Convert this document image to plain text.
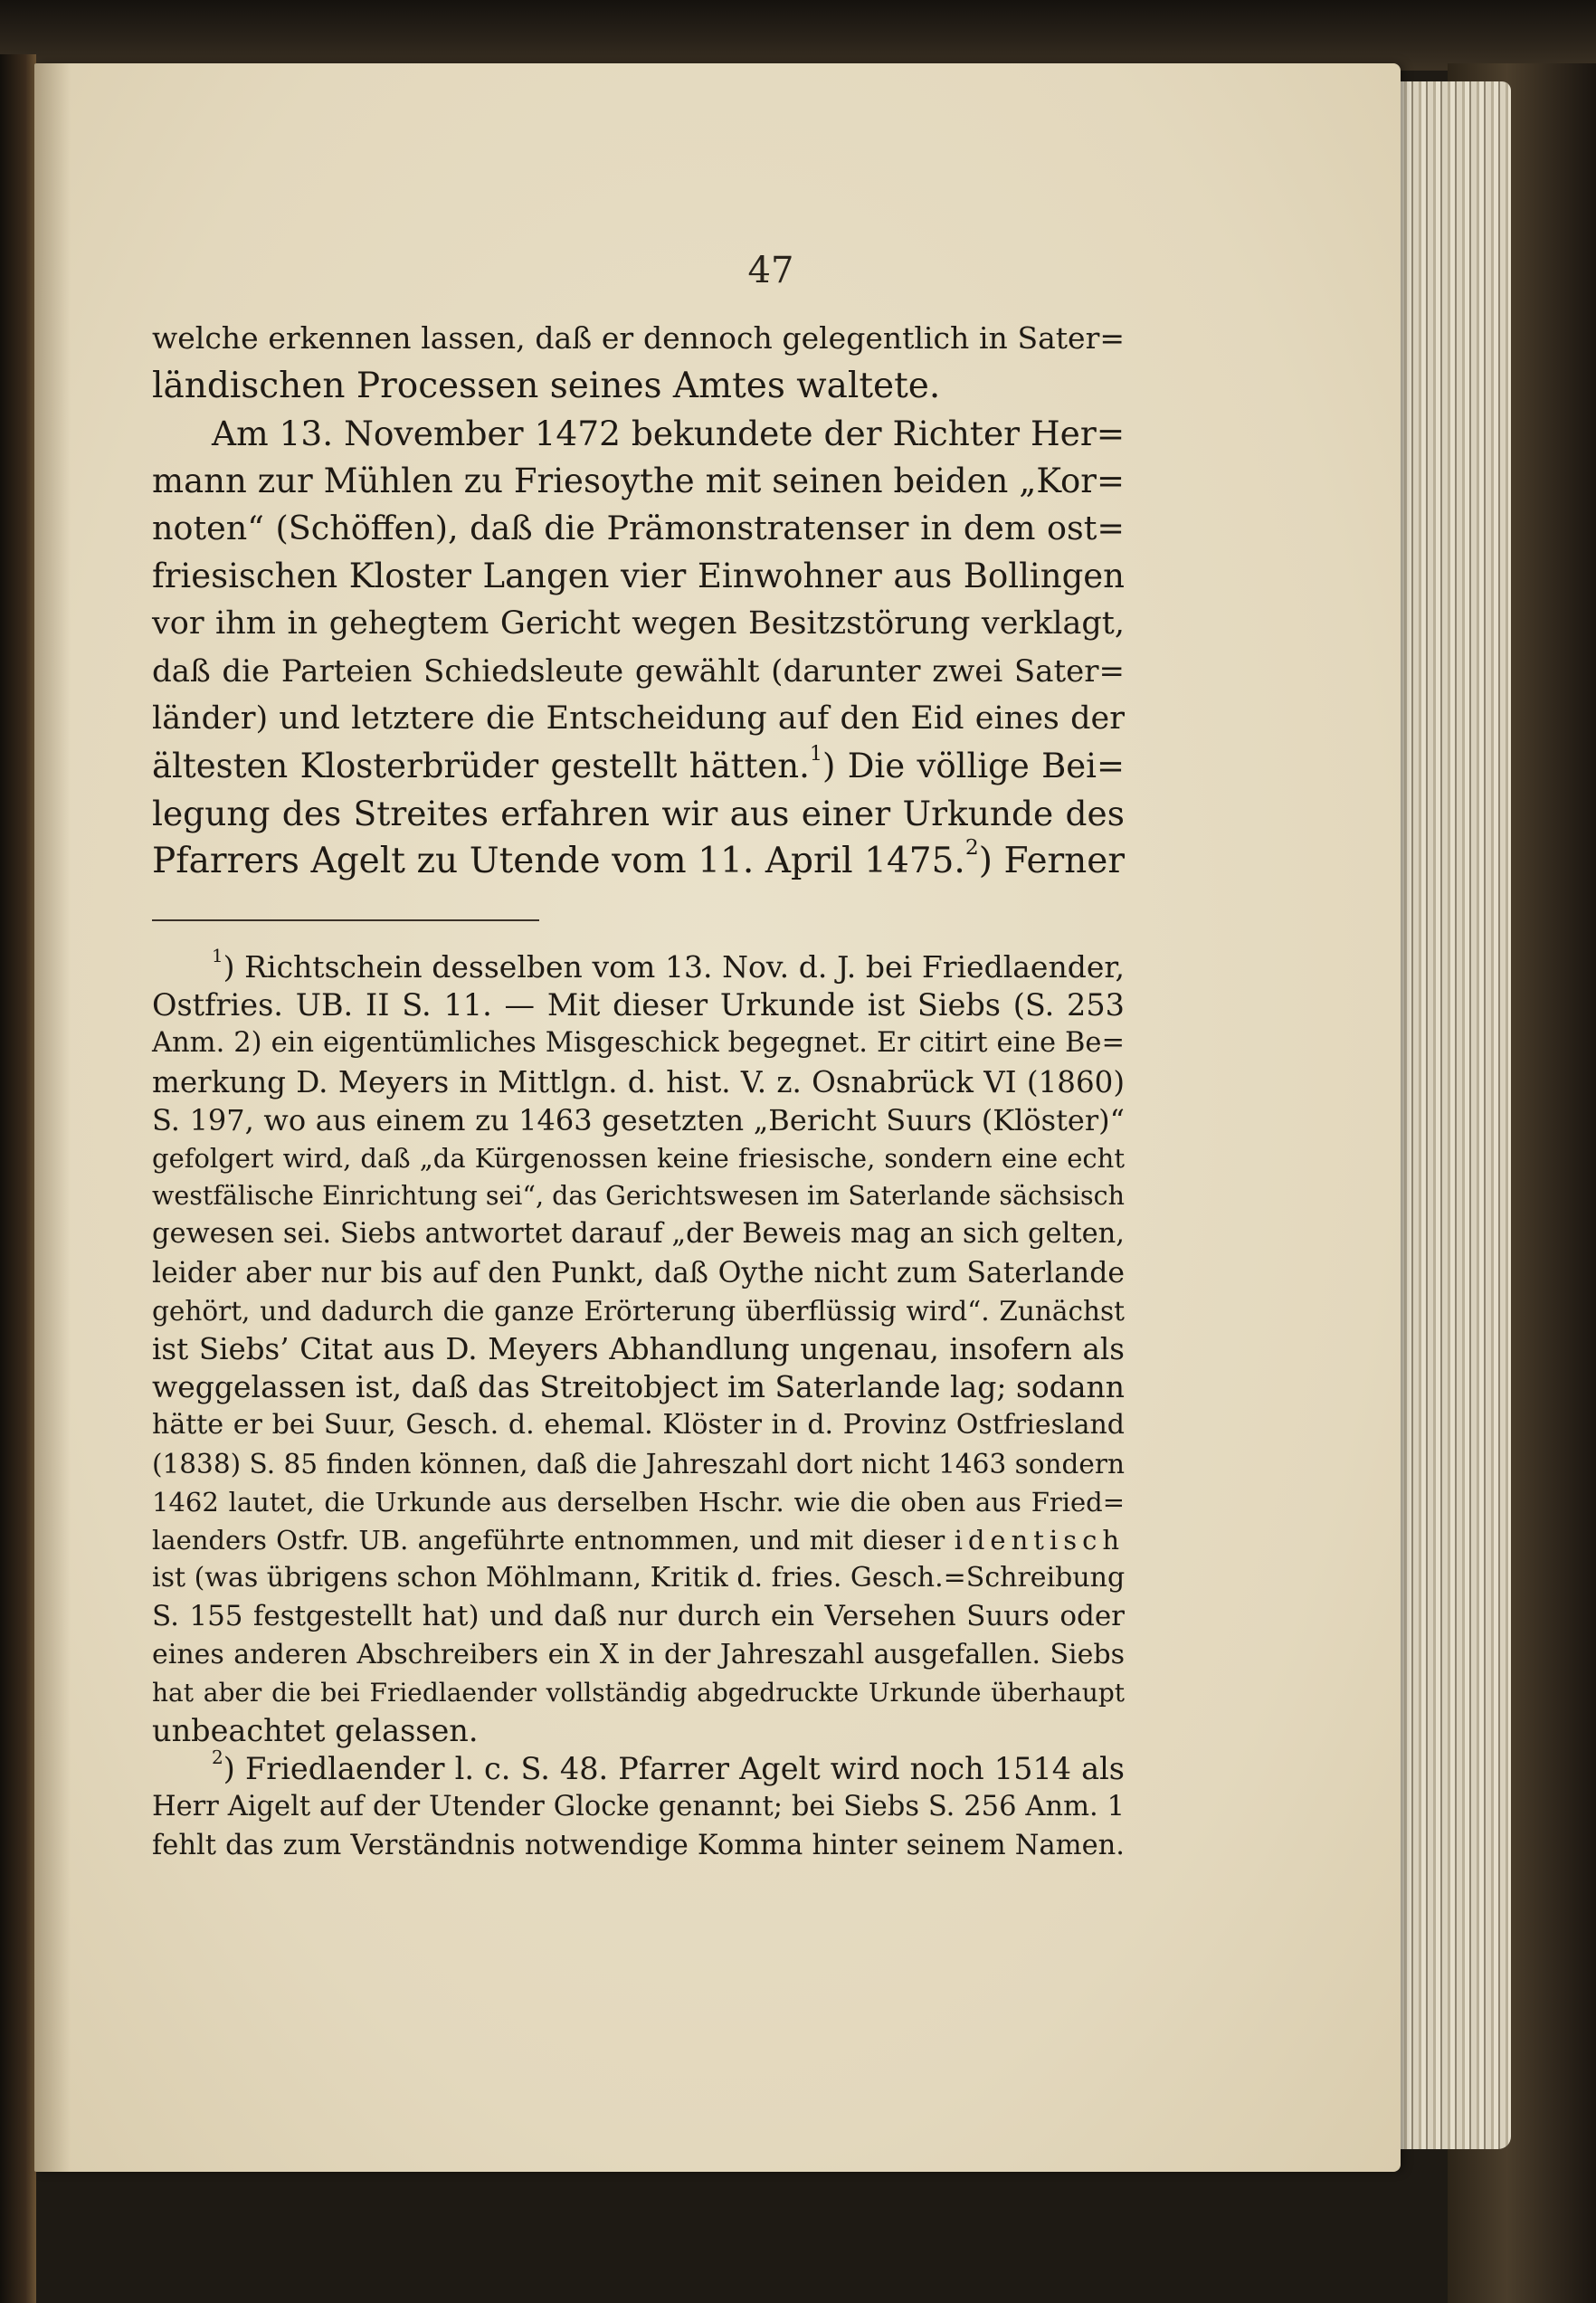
47
welche erkennen lassen, daß er dennoch gelegentlich in Sater=
ländischen Processen seines Amtes waltete.
Am 13. November 1472 bekundete der Richter Her=
mann zur Mühlen zu Friesoythe mit seinen beiden „Kor=
noten“ (Schöffen), daß die Prämonstratenser in dem ost=
friesischen Kloster Langen vier Einwohner aus Bollingen
vor ihm in gehegtem Gericht wegen Besitzstörung verklagt,
daß die Parteien Schiedsleute gewählt (darunter zwei Sater=
länder) und letztere die Entscheidung auf den Eid eines der
ältesten Klosterbrüder gestellt hätten.$^1$) Die völlige Bei=
legung des Streites erfahren wir aus einer Urkunde des
Pfarrers Agelt zu Utende vom 11. April 1475.$^2$) Ferner
$^1$) Richtschein desselben vom 13. Nov. d. J. bei Friedlaender,
Ostfries. UB. II S. 11. — Mit dieser Urkunde ist Siebs (S. 253
Anm. 2) ein eigentümliches Misgeschick begegnet. Er citirt eine Be=
merkung D. Meyers in Mittlgn. d. hist. V. z. Osnabrück VI (1860)
S. 197, wo aus einem zu 1463 gesetzten „Bericht Suurs (Klöster)“
gefolgert wird, daß „da Kürgenossen keine friesische, sondern eine echt
westfälische Einrichtung sei“, das Gerichtswesen im Saterlande sächsisch
gewesen sei. Siebs antwortet darauf „der Beweis mag an sich gelten,
leider aber nur bis auf den Punkt, daß Oythe nicht zum Saterlande
gehört, und dadurch die ganze Erörterung überflüssig wird“. Zunächst
ist Siebs’ Citat aus D. Meyers Abhandlung ungenau, insofern als
weggelassen ist, daß das Streitobject im Saterlande lag; sodann
hätte er bei Suur, Gesch. d. ehemal. Klöster in d. Provinz Ostfriesland
(1838) S. 85 finden können, daß die Jahreszahl dort nicht 1463 sondern
1462 lautet, die Urkunde aus derselben Hschr. wie die oben aus Fried=
laenders Ostfr. UB. angeführte entnommen, und mit dieser identisch
ist (was übrigens schon Möhlmann, Kritik d. fries. Gesch.=Schreibung
S. 155 festgestellt hat) und daß nur durch ein Versehen Suurs oder
eines anderen Abschreibers ein X in der Jahreszahl ausgefallen. Siebs
hat aber die bei Friedlaender vollständig abgedruckte Urkunde überhaupt
unbeachtet gelassen.
$^2$) Friedlaender l. c. S. 48. Pfarrer Agelt wird noch 1514 als
Herr Aigelt auf der Utender Glocke genannt; bei Siebs S. 256 Anm. 1
fehlt das zum Verständnis notwendige Komma hinter seinem Namen.
